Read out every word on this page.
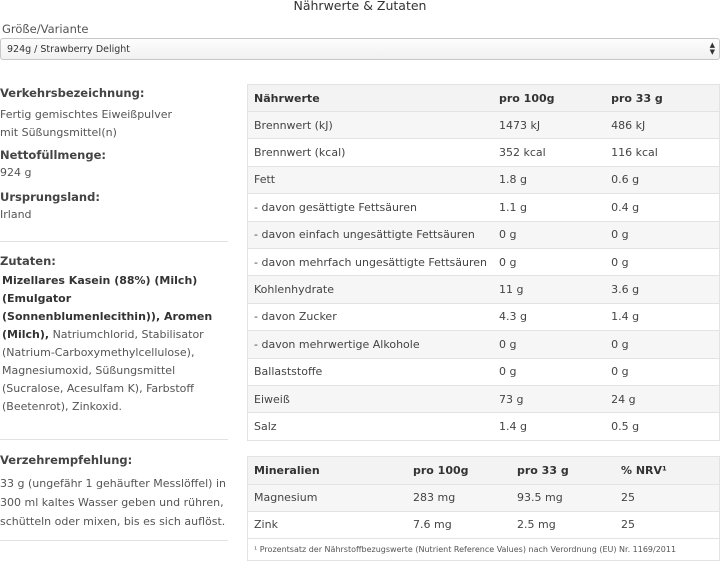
Nährwerte & Zutaten
Größe/Variante
924g / Strawberry Delight	▲
▼
Verkehrsbezeichnung:
Fertig gemischtes Eiweißpulver
mit Süßungsmittel(n)
Nettofüllmenge:
924 g
Ursprungsland:
Irland
Zutaten:
Mizellares Kasein (88%) (Milch) (Emulgator (Sonnenblumenlecithin)), Aromen (Milch), Natriumchlorid, Stabilisator (Natrium-Carboxymethylcellulose), Magnesiumoxid, Süßungsmittel (Sucralose, Acesulfam K), Farbstoff (Beetenrot), Zinkoxid.
Verzehrempfehlung:
33 g (ungefähr 1 gehäufter Messlöffel) in 300 ml kaltes Wasser geben und rühren, schütteln oder mixen, bis es sich auflöst.
Nährwerte	pro 100g	pro 33 g
Brennwert (kJ)	1473 kJ	486 kJ
Brennwert (kcal)	352 kcal	116 kcal
Fett	1.8 g	0.6 g
- davon gesättigte Fettsäuren	1.1 g	0.4 g
- davon einfach ungesättigte Fettsäuren	0 g	0 g
- davon mehrfach ungesättigte Fettsäuren	0 g	0 g
Kohlenhydrate	11 g	3.6 g
- davon Zucker	4.3 g	1.4 g
- davon mehrwertige Alkohole	0 g	0 g
Ballaststoffe	0 g	0 g
Eiweiß	73 g	24 g
Salz	1.4 g	0.5 g
Mineralien	pro 100g	pro 33 g	% NRV¹
Magnesium	283 mg	93.5 mg	25
Zink	7.6 mg	2.5 mg	25
¹ Prozentsatz der Nährstoffbezugswerte (Nutrient Reference Values) nach Verordnung (EU) Nr. 1169/2011
